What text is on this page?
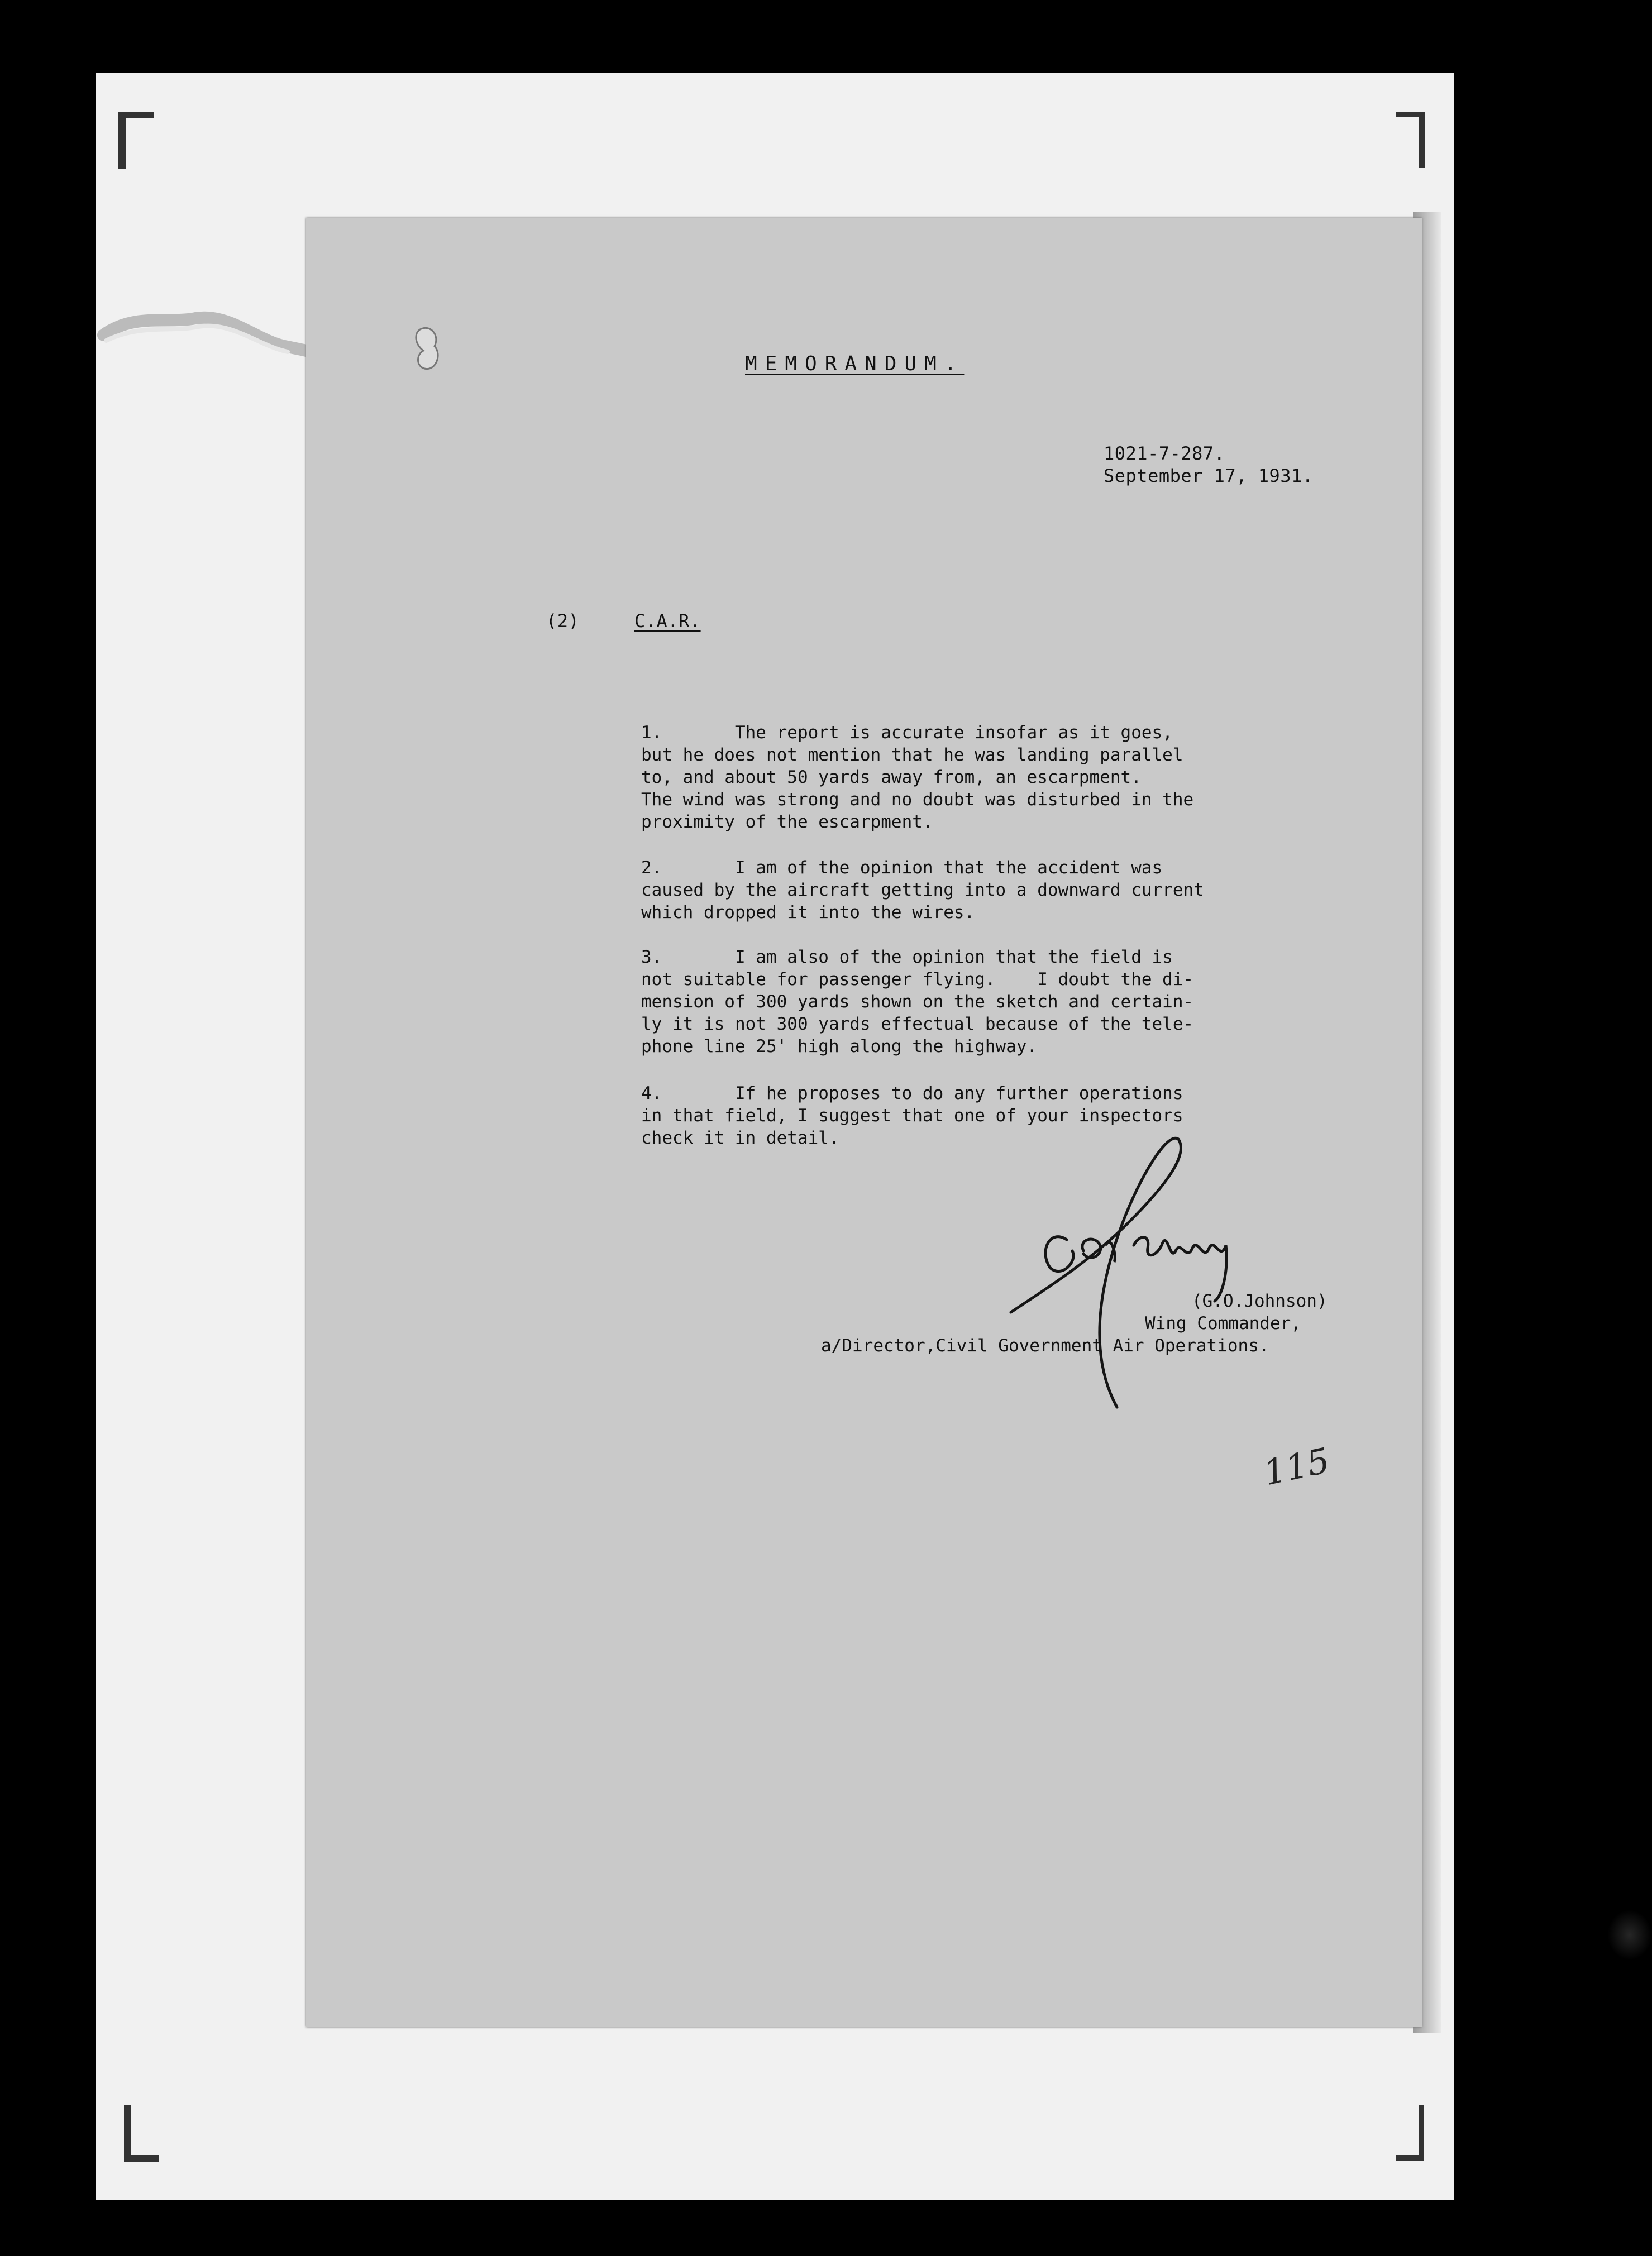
MEMORANDUM.
1021-7-287.
September 17, 1931.
(2)	C.A.R.
1.       The report is accurate insofar as it goes,
but he does not mention that he was landing parallel
to, and about 50 yards away from, an escarpment.
The wind was strong and no doubt was disturbed in the
proximity of the escarpment.
2.       I am of the opinion that the accident was
caused by the aircraft getting into a downward current
which dropped it into the wires.
3.       I am also of the opinion that the field is
not suitable for passenger flying.    I doubt the di-
mension of 300 yards shown on the sketch and certain-
ly it is not 300 yards effectual because of the tele-
phone line 25' high along the highway.
4.       If he proposes to do any further operations
in that field, I suggest that one of your inspectors
check it in detail.
(G.O.Johnson)
Wing Commander,
a/Director,Civil Government Air Operations.
115
